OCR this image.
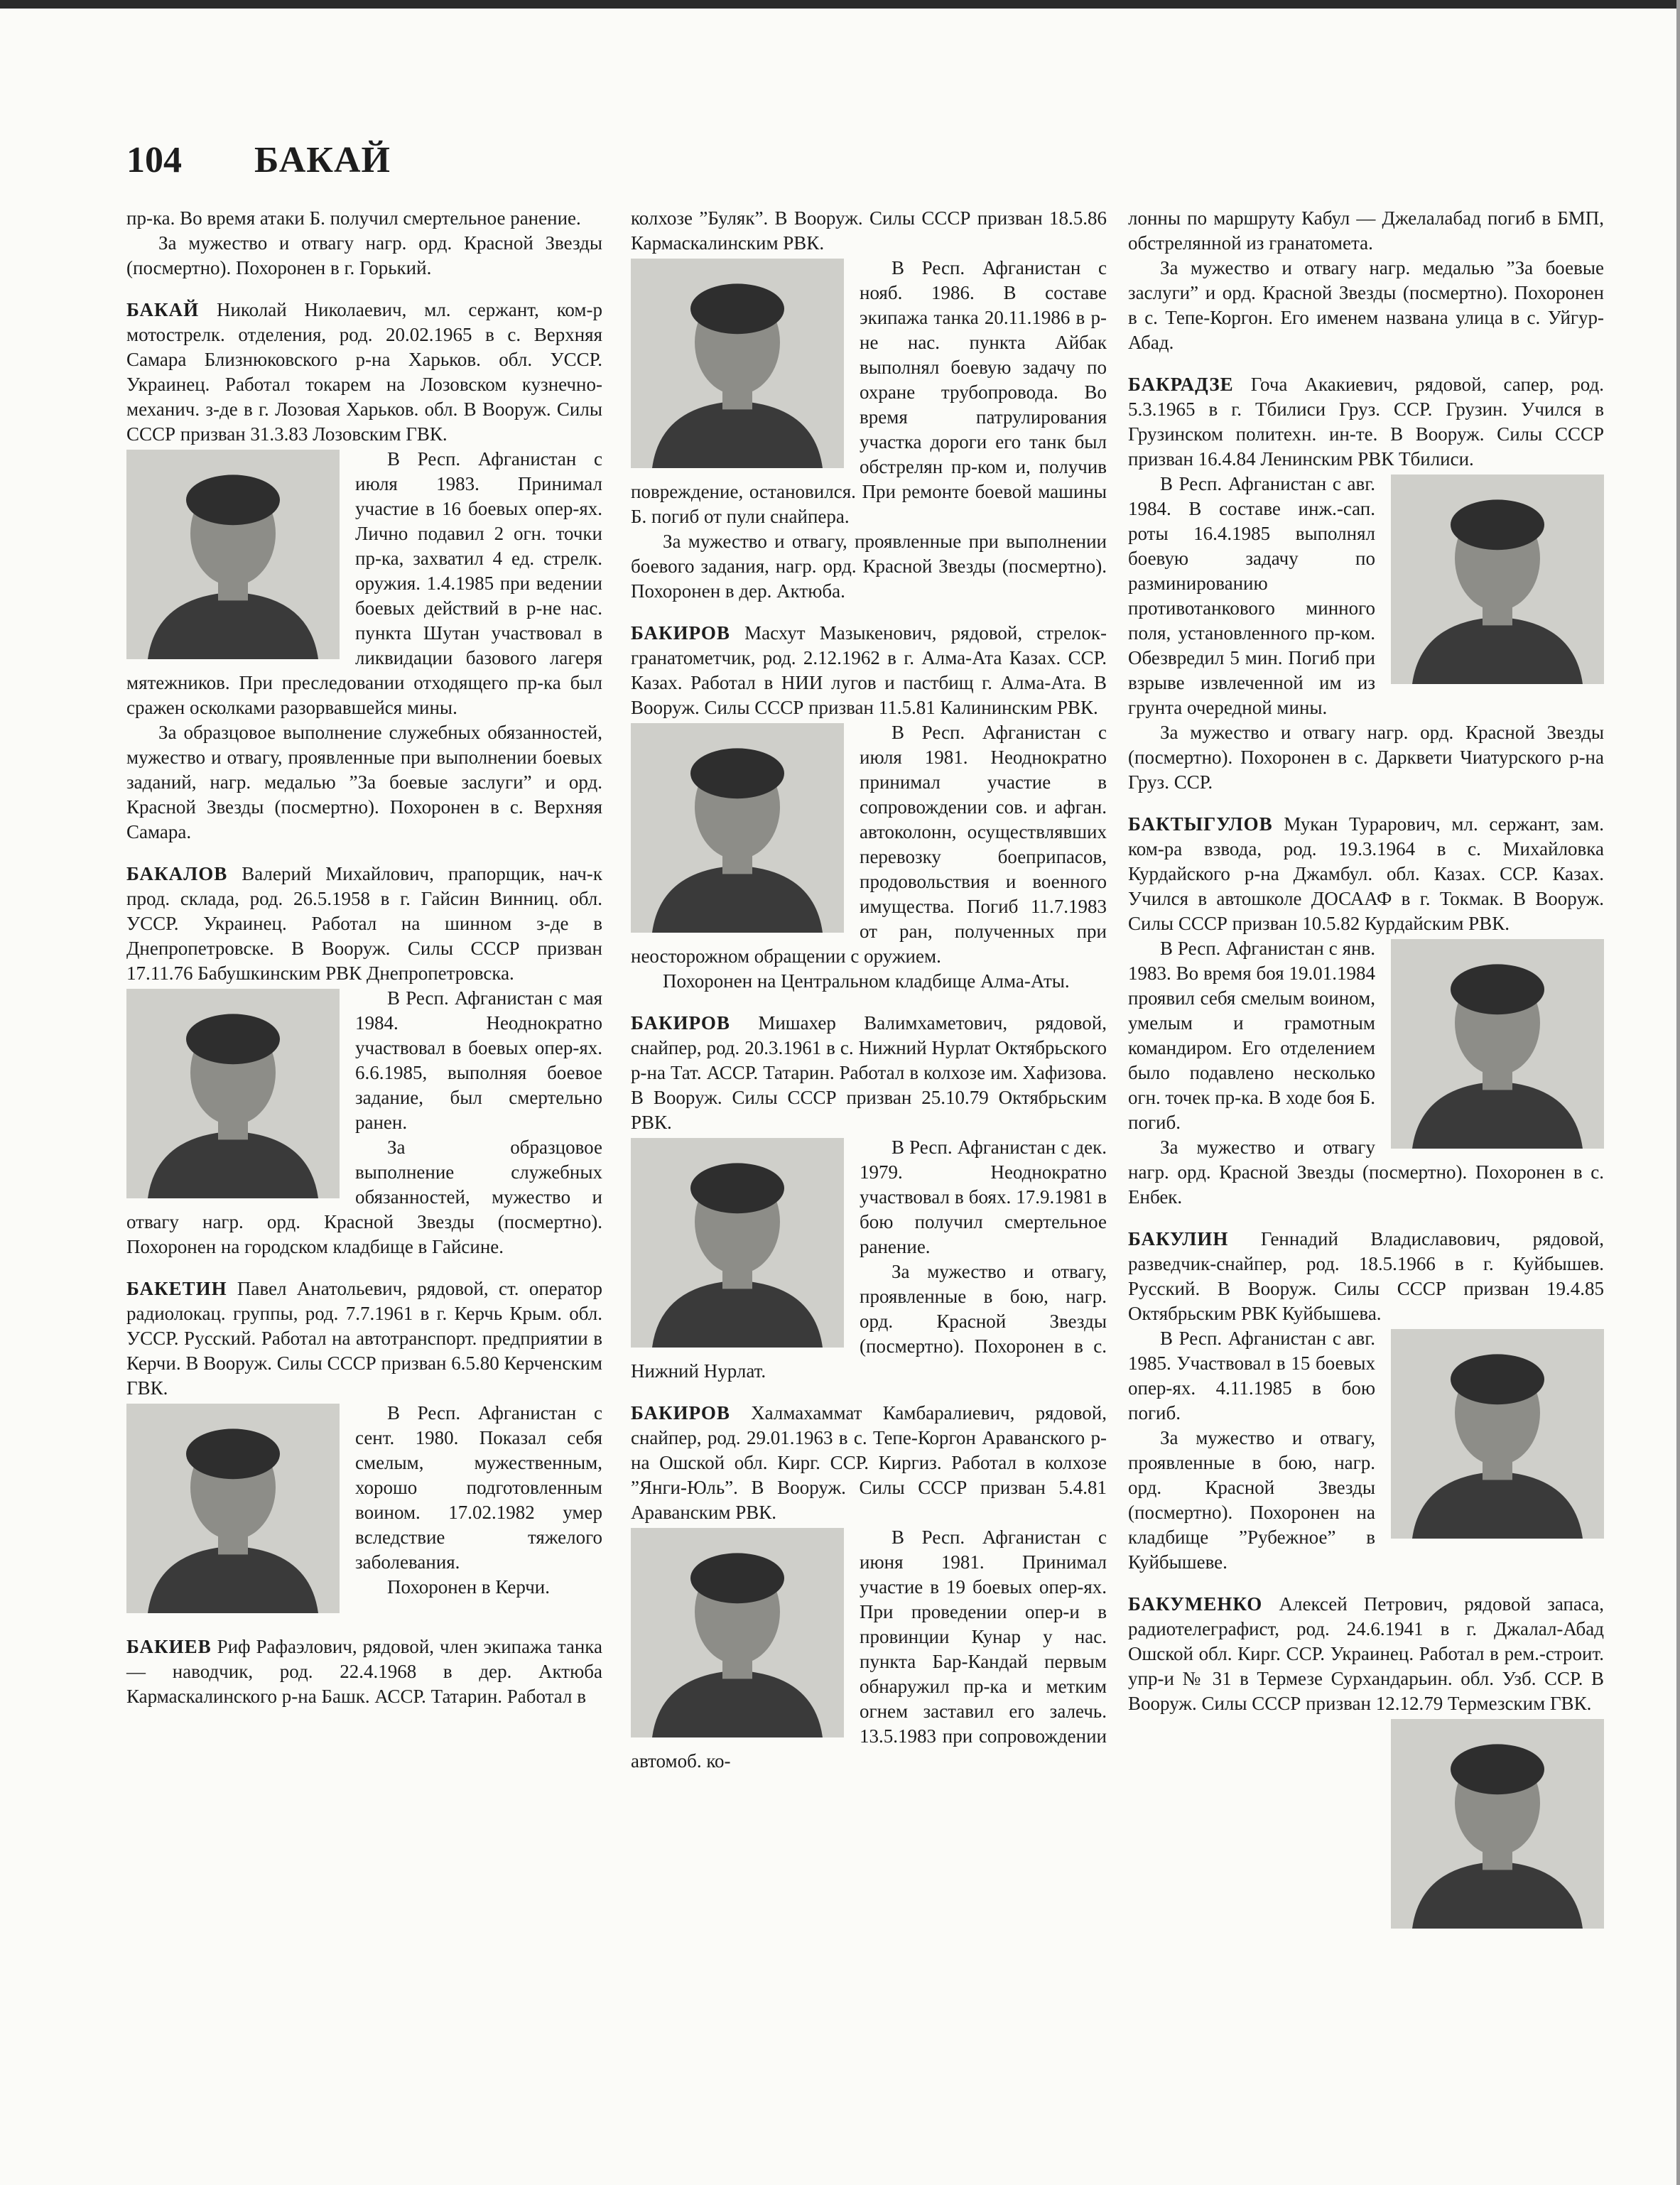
104 БАКАЙ

пр-ка. Во время атаки Б. получил смертельное ранение.

За мужество и отвагу нагр. орд. Красной Звезды (посмертно). Похоронен в г. Горький.

БАКАЙ Николай Николаевич, мл. сержант, ком-р мотострелк. отделения, род. 20.02.1965 в с. Верхняя Самара Близнюковского р-на Харьков. обл. УССР. Украинец. Работал токарем на Лозовском кузнечно-механич. з-де в г. Лозовая Харьков. обл. В Вооруж. Силы СССР призван 31.3.83 Лозовским ГВК.

В Респ. Афганистан с июля 1983. Принимал участие в 16 боевых опер-ях. Лично подавил 2 огн. точки пр-ка, захватил 4 ед. стрелк. оружия. 1.4.1985 при ведении боевых действий в р-не нас. пункта Шутан участвовал в ликвидации базового лагеря мятежников. При преследовании отходящего пр-ка был сражен осколками разорвавшейся мины.

За образцовое выполнение служебных обязанностей, мужество и отвагу, проявленные при выполнении боевых заданий, нагр. медалью ”За боевые заслуги” и орд. Красной Звезды (посмертно). Похоронен в с. Верхняя Самара.

БАКАЛОВ Валерий Михайлович, прапорщик, нач-к прод. склада, род. 26.5.1958 в г. Гайсин Винниц. обл. УССР. Украинец. Работал на шинном з-де в Днепропетровске. В Вооруж. Силы СССР призван 17.11.76 Бабушкинским РВК Днепропетровска.

В Респ. Афганистан с мая 1984. Неоднократно участвовал в боевых опер-ях. 6.6.1985, выполняя боевое задание, был смертельно ранен.

За образцовое выполнение служебных обязанностей, мужество и отвагу нагр. орд. Красной Звезды (посмертно). Похоронен на городском кладбище в Гайсине.

БАКЕТИН Павел Анатольевич, рядовой, ст. оператор радиолокац. группы, род. 7.7.1961 в г. Керчь Крым. обл. УССР. Русский. Работал на автотранспорт. предприятии в Керчи. В Вооруж. Силы СССР призван 6.5.80 Керченским ГВК.

В Респ. Афганистан с сент. 1980. Показал себя смелым, мужественным, хорошо подготовленным воином. 17.02.1982 умер вследствие тяжелого заболевания.

Похоронен в Керчи.

БАКИЕВ Риф Рафаэлович, рядовой, член экипажа танка — наводчик, род. 22.4.1968 в дер. Актюба Кармаскалинского р-на Башк. АССР. Татарин. Работал в

колхозе ”Буляк”. В Вооруж. Силы СССР призван 18.5.86 Кармаскалинским РВК.

В Респ. Афганистан с нояб. 1986. В составе экипажа танка 20.11.1986 в р-не нас. пункта Айбак выполнял боевую задачу по охране трубопровода. Во время патрулирования участка дороги его танк был обстрелян пр-ком и, получив повреждение, остановился. При ремонте боевой машины Б. погиб от пули снайпера.

За мужество и отвагу, проявленные при выполнении боевого задания, нагр. орд. Красной Звезды (посмертно). Похоронен в дер. Актюба.

БАКИРОВ Масхут Мазыкенович, рядовой, стрелок-гранатометчик, род. 2.12.1962 в г. Алма-Ата Казах. ССР. Казах. Работал в НИИ лугов и пастбищ г. Алма-Ата. В Вооруж. Силы СССР призван 11.5.81 Калининским РВК.

В Респ. Афганистан с июля 1981. Неоднократно принимал участие в сопровождении сов. и афган. автоколонн, осуществлявших перевозку боеприпасов, продовольствия и военного имущества. Погиб 11.7.1983 от ран, полученных при неосторожном обращении с оружием.

Похоронен на Центральном кладбище Алма-Аты.

БАКИРОВ Мишахер Валимхаметович, рядовой, снайпер, род. 20.3.1961 в с. Нижний Нурлат Октябрьского р-на Тат. АССР. Татарин. Работал в колхозе им. Хафизова. В Вооруж. Силы СССР призван 25.10.79 Октябрьским РВК.

В Респ. Афганистан с дек. 1979. Неоднократно участвовал в боях. 17.9.1981 в бою получил смертельное ранение.

За мужество и отвагу, проявленные в бою, нагр. орд. Красной Звезды (посмертно). Похоронен в с. Нижний Нурлат.

БАКИРОВ Халмахаммат Камбаралиевич, рядовой, снайпер, род. 29.01.1963 в с. Тепе-Коргон Араванского р-на Ошской обл. Кирг. ССР. Киргиз. Работал в колхозе ”Янги-Юль”. В Вооруж. Силы СССР призван 5.4.81 Араванским РВК.

В Респ. Афганистан с июня 1981. Принимал участие в 19 боевых опер-ях. При проведении опер-и в провинции Кунар у нас. пункта Бар-Кандай первым обнаружил пр-ка и метким огнем заставил его залечь. 13.5.1983 при сопровождении автомоб. ко-

лонны по маршруту Кабул — Джелалабад погиб в БМП, обстрелянной из гранатомета.

За мужество и отвагу нагр. медалью ”За боевые заслуги” и орд. Красной Звезды (посмертно). Похоронен в с. Тепе-Коргон. Его именем названа улица в с. Уйгур-Абад.

БАКРАДЗЕ Гоча Акакиевич, рядовой, сапер, род. 5.3.1965 в г. Тбилиси Груз. ССР. Грузин. Учился в Грузинском политехн. ин-те. В Вооруж. Силы СССР призван 16.4.84 Ленинским РВК Тбилиси.

В Респ. Афганистан с авг. 1984. В составе инж.-сап. роты 16.4.1985 выполнял боевую задачу по разминированию противотанкового минного поля, установленного пр-ком. Обезвредил 5 мин. Погиб при взрыве извлеченной им из грунта очередной мины.

За мужество и отвагу нагр. орд. Красной Звезды (посмертно). Похоронен в с. Дарквети Чиатурского р-на Груз. ССР.

БАКТЫГУЛОВ Мукан Турарович, мл. сержант, зам. ком-ра взвода, род. 19.3.1964 в с. Михайловка Курдайского р-на Джамбул. обл. Казах. ССР. Казах. Учился в автошколе ДОСААФ в г. Токмак. В Вооруж. Силы СССР призван 10.5.82 Курдайским РВК.

В Респ. Афганистан с янв. 1983. Во время боя 19.01.1984 проявил себя смелым воином, умелым и грамотным командиром. Его отделением было подавлено несколько огн. точек пр-ка. В ходе боя Б. погиб.

За мужество и отвагу нагр. орд. Красной Звезды (посмертно). Похоронен в с. Енбек.

БАКУЛИН Геннадий Владиславович, рядовой, разведчик-снайпер, род. 18.5.1966 в г. Куйбышев. Русский. В Вооруж. Силы СССР призван 19.4.85 Октябрьским РВК Куйбышева.

В Респ. Афганистан с авг. 1985. Участвовал в 15 боевых опер-ях. 4.11.1985 в бою погиб.

За мужество и отвагу, проявленные в бою, нагр. орд. Красной Звезды (посмертно). Похоронен на кладбище ”Рубежное” в Куйбышеве.

БАКУМЕНКО Алексей Петрович, рядовой запаса, радиотелеграфист, род. 24.6.1941 в г. Джалал-Абад Ошской обл. Кирг. ССР. Украинец. Работал в рем.-строит. упр-и № 31 в Термезе Сурхандарьин. обл. Узб. ССР. В Вооруж. Силы СССР призван 12.12.79 Термезским ГВК.
